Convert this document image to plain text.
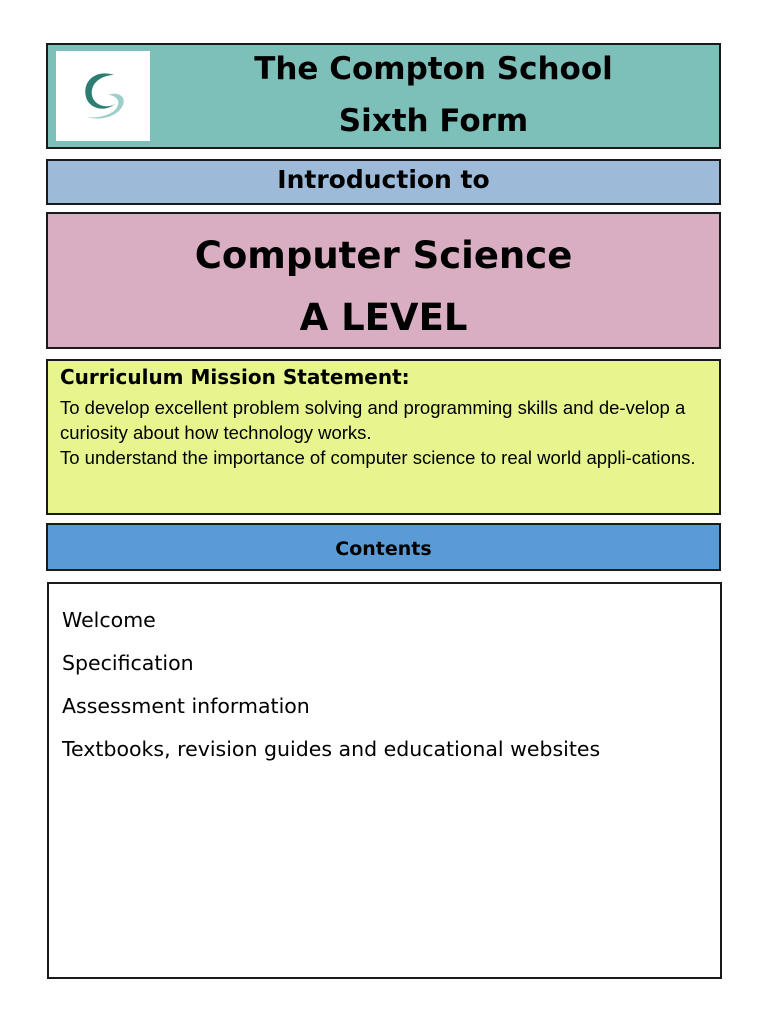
The Compton School
Sixth Form
Introduction to
Computer Science
A LEVEL
Curriculum Mission Statement:
To develop excellent problem solving and programming skills and de-velop a curiosity about how technology works.
To understand the importance of computer science to real world appli-cations.
Contents
Welcome
Specification
Assessment information
Textbooks, revision guides and educational websites
